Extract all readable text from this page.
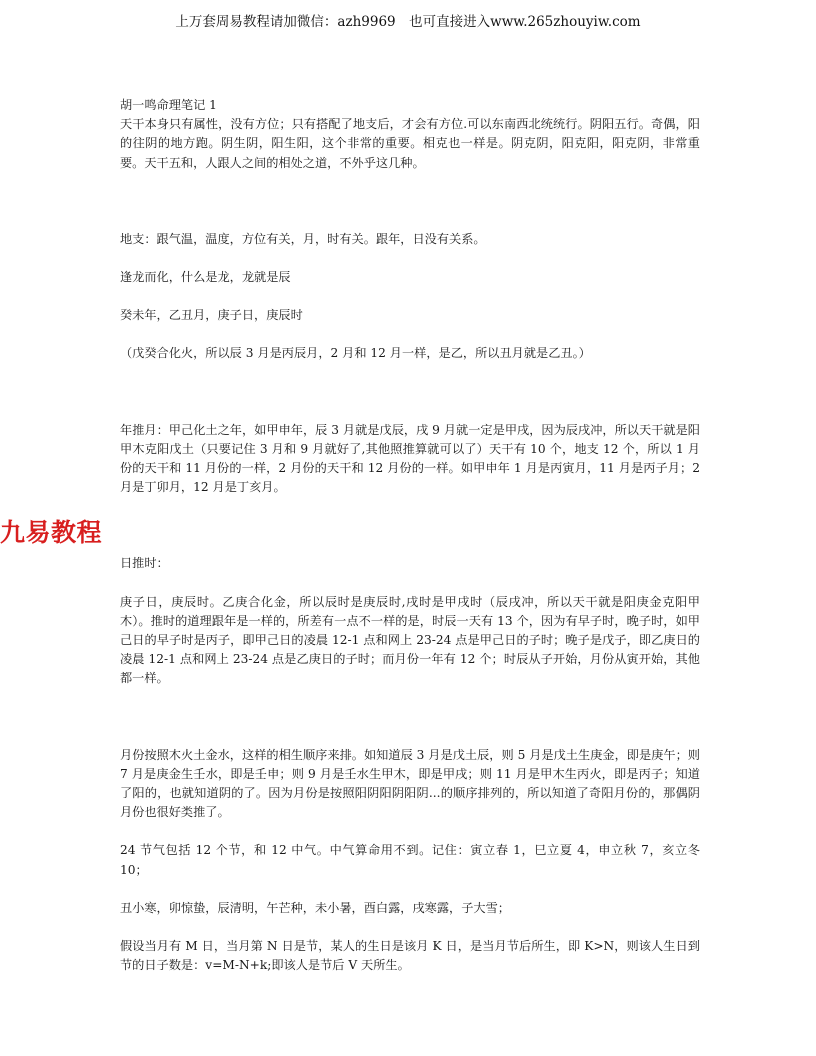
上万套周易教程请加微信：azh9969　也可直接进入www.265zhouyiw.com
九易教程

胡一鸣命理笔记 1

天干本身只有属性，没有方位；只有搭配了地支后，才会有方位.可以东南西北统统行。阴阳五行。奇偶，阳的往阴的地方跑。阴生阴，阳生阳，这个非常的重要。相克也一样是。阴克阴，阳克阳，阳克阴，非常重要。天干五和，人跟人之间的相处之道，不外乎这几种。

地支：跟气温，温度，方位有关，月，时有关。跟年，日没有关系。

逢龙而化，什么是龙，龙就是辰

癸未年，乙丑月，庚子日，庚辰时

（戊癸合化火，所以辰 3 月是丙辰月，2 月和 12 月一样，是乙，所以丑月就是乙丑。）

年推月：甲己化土之年，如甲申年，辰 3 月就是戊辰，戌 9 月就一定是甲戌，因为辰戌冲，所以天干就是阳甲木克阳戊土（只要记住 3 月和 9 月就好了,其他照推算就可以了）天干有 10 个，地支 12 个，所以 1 月份的天干和 11 月份的一样，2 月份的天干和 12 月份的一样。如甲申年 1 月是丙寅月，11 月是丙子月；2 月是丁卯月，12 月是丁亥月。

日推时：

庚子日，庚辰时。乙庚合化金，所以辰时是庚辰时,戌时是甲戌时（辰戌冲，所以天干就是阳庚金克阳甲木）。推时的道理跟年是一样的，所差有一点不一样的是，时辰一天有 13 个，因为有早子时，晚子时，如甲己日的早子时是丙子，即甲己日的凌晨 12-1 点和网上 23-24 点是甲己日的子时；晚子是戊子，即乙庚日的凌晨 12-1 点和网上 23-24 点是乙庚日的子时；而月份一年有 12 个；时辰从子开始，月份从寅开始，其他都一样。

月份按照木火土金水，这样的相生顺序来排。如知道辰 3 月是戊土辰，则 5 月是戊土生庚金，即是庚午；则 7 月是庚金生壬水，即是壬申；则 9 月是壬水生甲木，即是甲戌；则 11 月是甲木生丙火，即是丙子；知道了阳的，也就知道阴的了。因为月份是按照阳阴阳阴阳阴...的顺序排列的，所以知道了奇阳月份的，那偶阴月份也很好类推了。

24 节气包括 12 个节，和 12 中气。中气算命用不到。记住：寅立春 1，巳立夏 4，申立秋 7，亥立冬 10；

丑小寒，卯惊蛰，辰清明，午芒种，未小暑，酉白露，戌寒露，子大雪；

假设当月有 M 日，当月第 N 日是节，某人的生日是该月 K 日，是当月节后所生，即 K>N，则该人生日到节的日子数是：v=M-N+k;即该人是节后 V 天所生。
